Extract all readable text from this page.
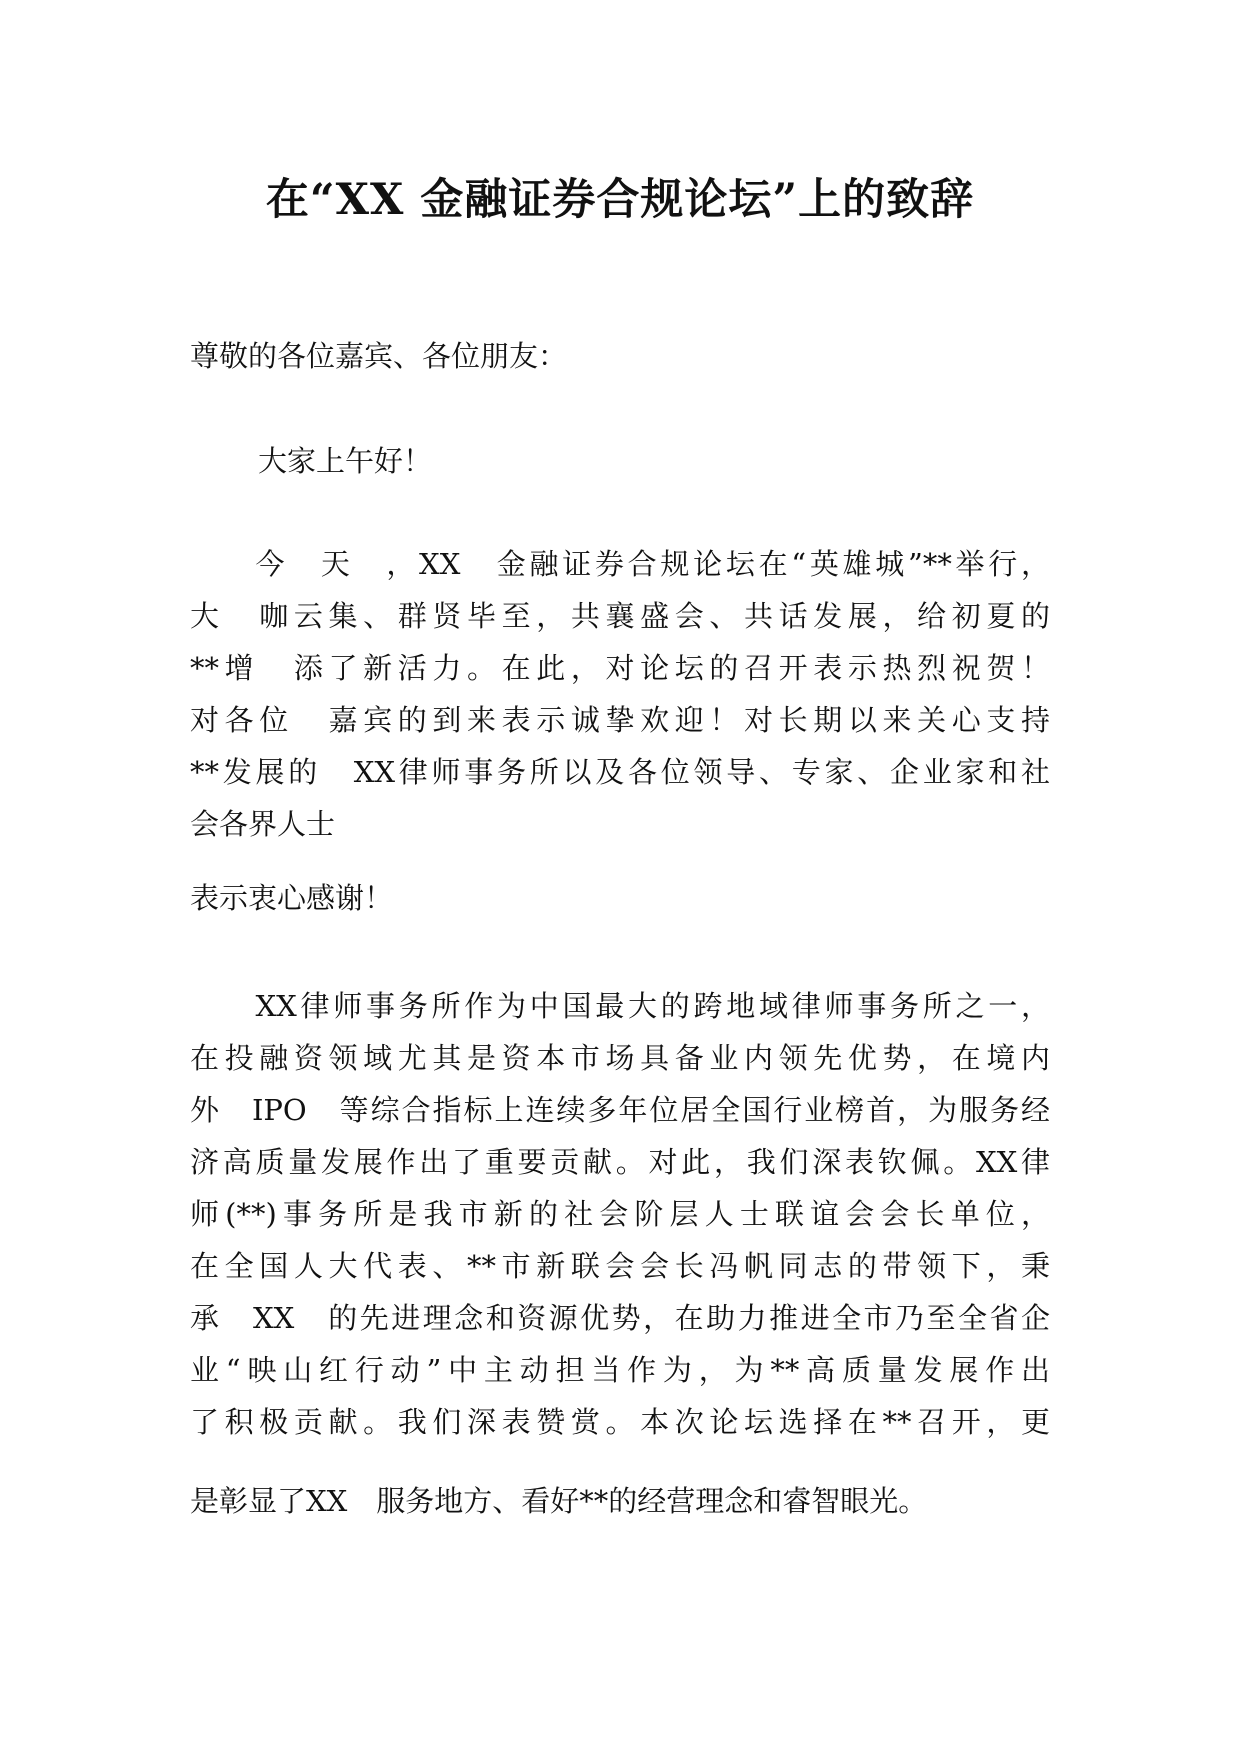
在“XX 金融证券合规论坛”上的致辞

尊敬的各位嘉宾、各位朋友：

大家上午好！

　　今　天　，XX　金融证券合规论坛在“英雄城”**举行，
大　咖云集、群贤毕至，共襄盛会、共话发展，给初夏的
**增　添了新活力。在此，对论坛的召开表示热烈祝贺！
对各位　嘉宾的到来表示诚挚欢迎！对长期以来关心支持
**发展的　XX律师事务所以及各位领导、专家、企业家和社
会各界人士

表示衷心感谢！

　　XX律师事务所作为中国最大的跨地域律师事务所之一，
在投融资领域尤其是资本市场具备业内领先优势，在境内
外　IPO　等综合指标上连续多年位居全国行业榜首，为服务经
济高质量发展作出了重要贡献。对此，我们深表钦佩。XX律
师(**)事务所是我市新的社会阶层人士联谊会会长单位，
在全国人大代表、**市新联会会长冯帆同志的带领下，秉
承　XX　的先进理念和资源优势，在助力推进全市乃至全省企
业“映山红行动”中主动担当作为，为**高质量发展作出
了积极贡献。我们深表赞赏。本次论坛选择在**召开，更

是彰显了XX　服务地方、看好**的经营理念和睿智眼光。
